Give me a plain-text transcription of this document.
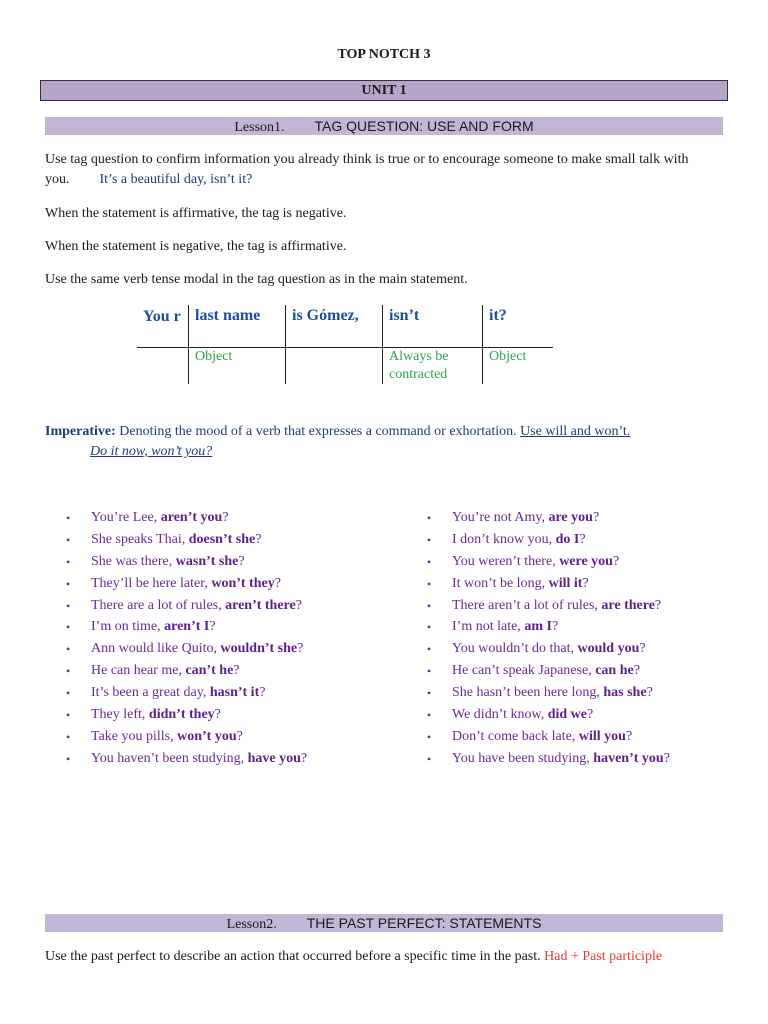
TOP NOTCH 3
UNIT 1
Lesson1. TAG QUESTION: USE AND FORM
Use tag question to confirm information you already think is true or to encourage someone to make small talk with you. It’s a beautiful day, isn’t it?
When the statement is affirmative, the tag is negative.
When the statement is negative, the tag is affirmative.
Use the same verb tense modal in the tag question as in the main statement.
You r	last name	is Gómez,	isn’t	it?
	Object		Always be contracted	Object
Imperative: Denoting the mood of a verb that expresses a command or exhortation. Use will and won’t.
Do it now, won’t you?
• You’re Lee, aren’t you?
• She speaks Thai, doesn’t she?
• She was there, wasn’t she?
• They’ll be here later, won’t they?
• There are a lot of rules, aren’t there?
• I’m on time, aren’t I?
• Ann would like Quito, wouldn’t she?
• He can hear me, can’t he?
• It’s been a great day, hasn’t it?
• They left, didn’t they?
• Take you pills, won’t you?
• You haven’t been studying, have you?
• You’re not Amy, are you?
• I don’t know you, do I?
• You weren’t there, were you?
• It won’t be long, will it?
• There aren’t a lot of rules, are there?
• I’m not late, am I?
• You wouldn’t do that, would you?
• He can’t speak Japanese, can he?
• She hasn’t been here long, has she?
• We didn’t know, did we?
• Don’t come back late, will you?
• You have been studying, haven’t you?
Lesson2. THE PAST PERFECT: STATEMENTS
Use the past perfect to describe an action that occurred before a specific time in the past. Had + Past participle
